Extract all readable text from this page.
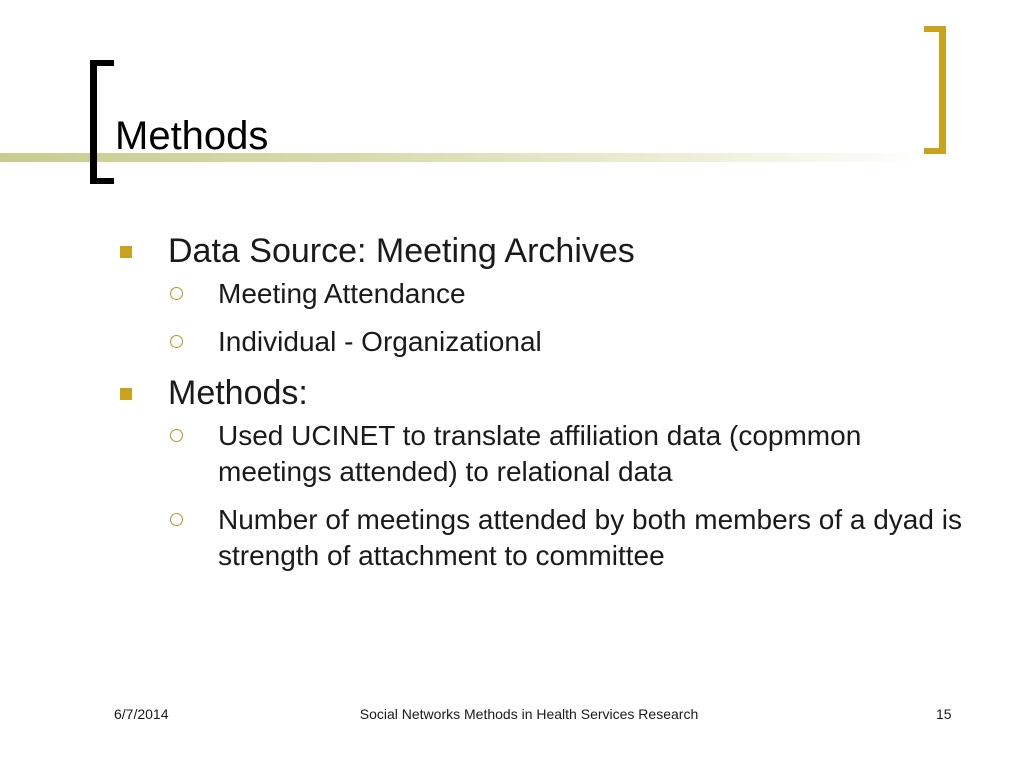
Methods
Data Source: Meeting Archives
Meeting Attendance
Individual - Organizational
Methods:
Used UCINET to translate affiliation data (copmmon meetings attended) to relational data
Number of meetings attended by both members of a dyad is strength of attachment to committee
6/7/2014	Social Networks Methods in Health Services Research	15
